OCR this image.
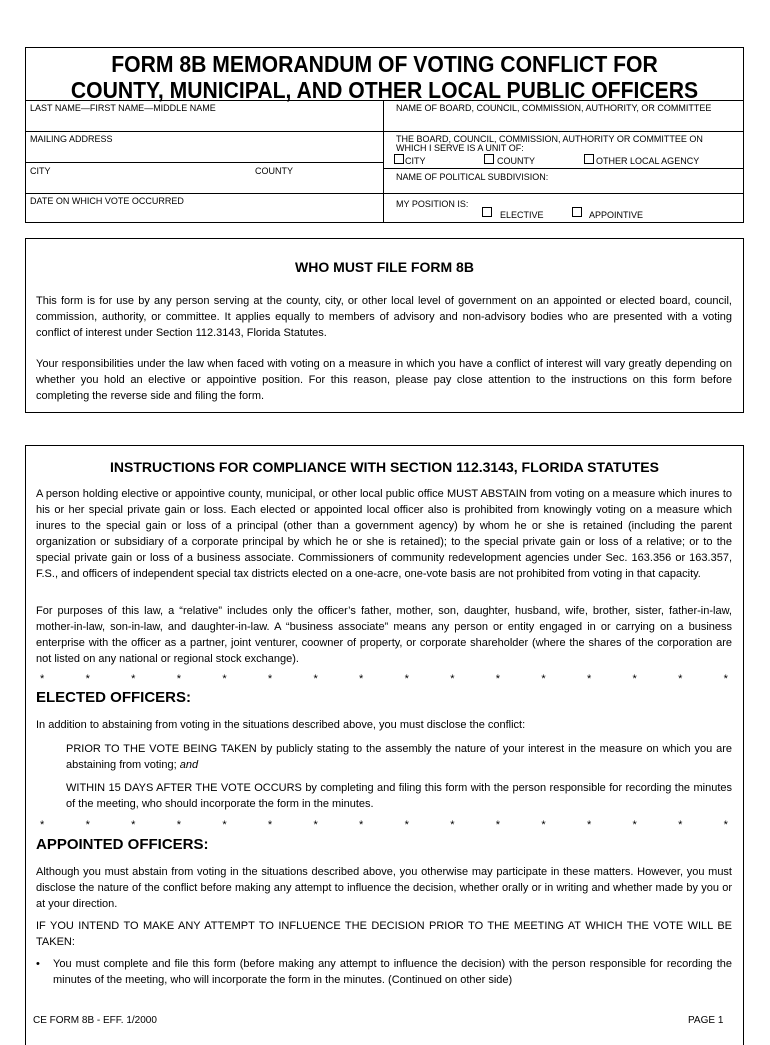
FORM 8B MEMORANDUM OF VOTING CONFLICT FOR
COUNTY, MUNICIPAL, AND OTHER LOCAL PUBLIC OFFICERS
LAST NAME—FIRST NAME—MIDDLE NAME
MAILING ADDRESS
CITY	COUNTY
DATE ON WHICH VOTE OCCURRED
NAME OF BOARD, COUNCIL, COMMISSION, AUTHORITY, OR COMMITTEE
THE BOARD, COUNCIL, COMMISSION, AUTHORITY OR COMMITTEE ON
WHICH I SERVE IS A UNIT OF:
CITY	COUNTY	OTHER LOCAL AGENCY
NAME OF POLITICAL SUBDIVISION:
MY POSITION IS:
ELECTIVE	APPOINTIVE
WHO MUST FILE FORM 8B

This form is for use by any person serving at the county, city, or other local level of government on an appointed or elected board, council, commission, authority, or committee. It applies equally to members of advisory and non-advisory bodies who are presented with a voting conflict of interest under Section 112.3143, Florida Statutes.

Your responsibilities under the law when faced with voting on a measure in which you have a conflict of interest will vary greatly depending on whether you hold an elective or appointive position. For this reason, please pay close attention to the instructions on this form before completing the reverse side and filing the form.

INSTRUCTIONS FOR COMPLIANCE WITH SECTION 112.3143, FLORIDA STATUTES

A person holding elective or appointive county, municipal, or other local public office MUST ABSTAIN from voting on a measure which inures to his or her special private gain or loss. Each elected or appointed local officer also is prohibited from knowingly voting on a measure which inures to the special gain or loss of a principal (other than a government agency) by whom he or she is retained (including the parent organization or subsidiary of a corporate principal by which he or she is retained); to the special private gain or loss of a relative; or to the special private gain or loss of a business associate. Commissioners of community redevelopment agencies under Sec. 163.356 or 163.357, F.S., and officers of independent special tax districts elected on a one-acre, one-vote basis are not prohibited from voting in that capacity.

For purposes of this law, a “relative” includes only the officer’s father, mother, son, daughter, husband, wife, brother, sister, father-in-law, mother-in-law, son-in-law, and daughter-in-law. A “business associate” means any person or entity engaged in or carrying on a business enterprise with the officer as a partner, joint venturer, coowner of property, or corporate shareholder (where the shares of the corporation are not listed on any national or regional stock exchange).

*	*	*	*	*	*	*	*	*	*	*	*	*	*	*	*
ELECTED OFFICERS:

In addition to abstaining from voting in the situations described above, you must disclose the conflict:

PRIOR TO THE VOTE BEING TAKEN by publicly stating to the assembly the nature of your interest in the measure on which you are abstaining from voting; and

WITHIN 15 DAYS AFTER THE VOTE OCCURS by completing and filing this form with the person responsible for recording the minutes of the meeting, who should incorporate the form in the minutes.

*	*	*	*	*	*	*	*	*	*	*	*	*	*	*	*
APPOINTED OFFICERS:

Although you must abstain from voting in the situations described above, you otherwise may participate in these matters. However, you must disclose the nature of the conflict before making any attempt to influence the decision, whether orally or in writing and whether made by you or at your direction.

IF YOU INTEND TO MAKE ANY ATTEMPT TO INFLUENCE THE DECISION PRIOR TO THE MEETING AT WHICH THE VOTE WILL BE TAKEN:

• You must complete and file this form (before making any attempt to influence the decision) with the person responsible for recording the minutes of the meeting, who will incorporate the form in the minutes. (Continued on other side)

CE FORM 8B - EFF. 1/2000	PAGE 1
